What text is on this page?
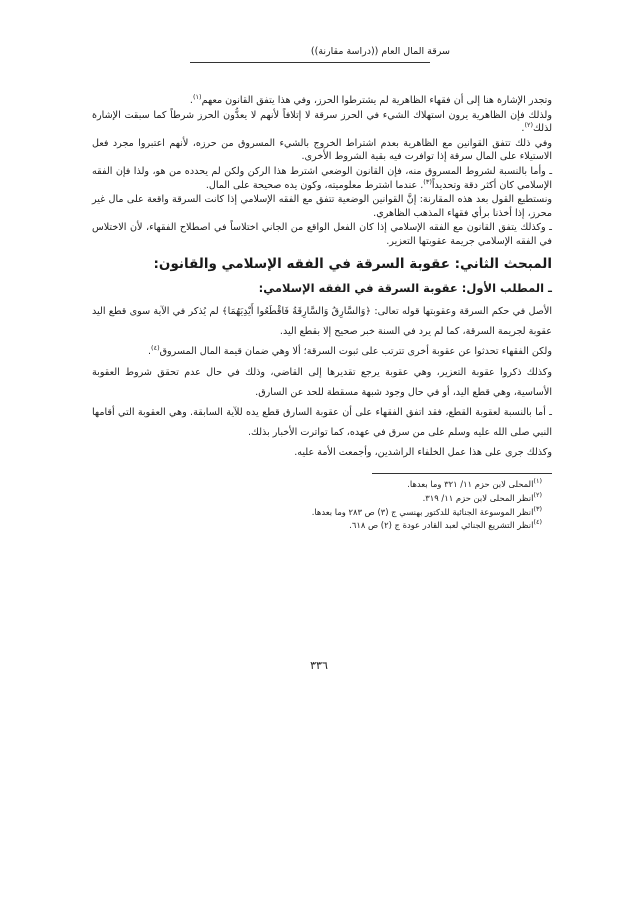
سرقة المال العام ((دراسة مقارنة))

وتجدر الإشارة هنا إلى أن فقهاء الظاهرية لم يشترطوا الحرز، وفي هذا يتفق القانون معهم$^{(١)}$.

ولذلك فإن الظاهرية يرون استهلاك الشيء في الحرز سرقة لا إتلافاً لأنهم لا يعدُّون الحرز شرطاً كما سبقت الإشارة لذلك$^{(٢)}$.

وفي ذلك تتفق القوانين مع الظاهرية بعدم اشتراط الخروج بالشيء المسروق من حرزه، لأنهم اعتبروا مجرد فعل الاستيلاء على المال سرقة إذا توافرت فيه بقية الشروط الأخرى.

ـ وأما بالنسبة لشروط المسروق منه، فإن القانون الوضعي اشترط هذا الركن ولكن لم يحدده من هو، ولذا فإن الفقه الإسلامي كان أكثر دقة وتحديداً$^{(٣)}$. عندما اشترط معلوميته، وكون يده صحيحة على المال.

ونستطيع القول بعد هذه المقارنة: إنَّ القوانين الوضعية تتفق مع الفقه الإسلامي إذا كانت السرقة واقعة على مال غير محرز، إذا أخذنا برأي فقهاء المذهب الظاهري.

ـ وكذلك يتفق القانون مع الفقه الإسلامي إذا كان الفعل الواقع من الجاني اختلاساً في اصطلاح الفقهاء، لأن الاختلاس في الفقه الإسلامي جريمة عقوبتها التعزير.

المبحث الثاني: عقوبة السرقة في الفقه الإسلامي والقانون:
ـ المطلب الأول: عقوبة السرقة في الفقه الإسلامي:

الأصل في حكم السرقة وعقوبتها قوله تعالى: ﴿وَالسَّارِقُ وَالسَّارِقَةُ فَاقْطَعُوا أَيْدِيَهُمَا﴾ لم يُذكر في الآية سوى قطع اليد عقوبة لجريمة السرقة، كما لم يرد في السنة خبر صحيح إلا بقطع اليد.

ولكن الفقهاء تحدثوا عن عقوبة أخرى تترتب على ثبوت السرقة؛ ألا وهي ضمان قيمة المال المسروق$^{(٤)}$.

وكذلك ذكروا عقوبة التعزير، وهي عقوبة يرجع تقديرها إلى القاضي، وذلك في حال عدم تحقق شروط العقوبة الأساسية، وهي قطع اليد، أو في حال وجود شبهة مسقطة للحد عن السارق.

ـ أما بالنسبة لعقوبة القطع، فقد اتفق الفقهاء على أن عقوبة السارق قطع يده للآية السابقة. وهي العقوبة التي أقامها النبي صلى الله عليه وسلم على من سرق في عهده، كما تواترت الأخبار بذلك.

وكذلك جرى على هذا عمل الخلفاء الراشدين، وأجمعت الأمة عليه.

$^{(١)}$المحلى لابن حزم ١١/ ٣٢١ وما بعدها.
$^{(٢)}$انظر المحلى لابن حزم ١١/ ٣١٩.
$^{(٣)}$انظر الموسوعة الجنائية للدكتور بهنسي ج (٣) ص ٢٨٣ وما بعدها.
$^{(٤)}$انظر التشريع الجنائي لعبد القادر عودة ج (٢) ص ٦١٨.
٣٣٦
